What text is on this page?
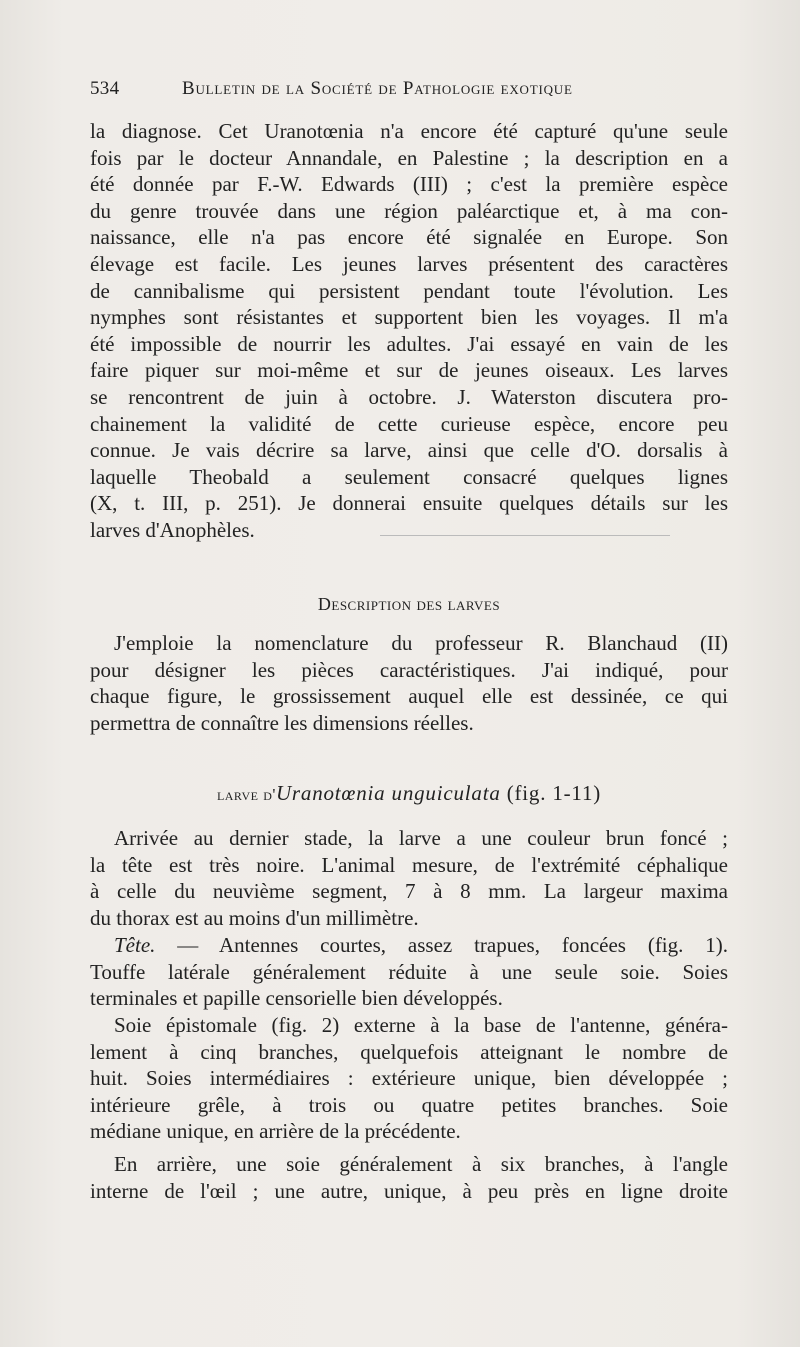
534	Bulletin de la Société de Pathologie exotique
la diagnose. Cet Uranotœnia n'a encore été capturé qu'une seule
fois par le docteur Annandale, en Palestine ; la description en a
été donnée par F.-W. Edwards (III) ; c'est la première espèce
du genre trouvée dans une région paléarctique et, à ma con-
naissance, elle n'a pas encore été signalée en Europe. Son
élevage est facile. Les jeunes larves présentent des caractères
de cannibalisme qui persistent pendant toute l'évolution. Les
nymphes sont résistantes et supportent bien les voyages. Il m'a
été impossible de nourrir les adultes. J'ai essayé en vain de les
faire piquer sur moi-même et sur de jeunes oiseaux. Les larves
se rencontrent de juin à octobre. J. Waterston discutera pro-
chainement la validité de cette curieuse espèce, encore peu
connue. Je vais décrire sa larve, ainsi que celle d'O. dorsalis à
laquelle Theobald a seulement consacré quelques lignes
(X, t. III, p. 251). Je donnerai ensuite quelques détails sur les
larves d'Anophèles.
Description des larves
J'emploie la nomenclature du professeur R. Blanchaud (II)
pour désigner les pièces caractéristiques. J'ai indiqué, pour
chaque figure, le grossissement auquel elle est dessinée, ce qui
permettra de connaître les dimensions réelles.
larve d'Uranotœnia unguiculata (fig. 1-11)
Arrivée au dernier stade, la larve a une couleur brun foncé ;
la tête est très noire. L'animal mesure, de l'extrémité céphalique
à celle du neuvième segment, 7 à 8 mm. La largeur maxima
du thorax est au moins d'un millimètre.
Tête. — Antennes courtes, assez trapues, foncées (fig. 1).
Touffe latérale généralement réduite à une seule soie. Soies
terminales et papille censorielle bien développés.
Soie épistomale (fig. 2) externe à la base de l'antenne, généra-
lement à cinq branches, quelquefois atteignant le nombre de
huit. Soies intermédiaires : extérieure unique, bien développée ;
intérieure grêle, à trois ou quatre petites branches. Soie
médiane unique, en arrière de la précédente.
En arrière, une soie généralement à six branches, à l'angle
interne de l'œil ; une autre, unique, à peu près en ligne droite
